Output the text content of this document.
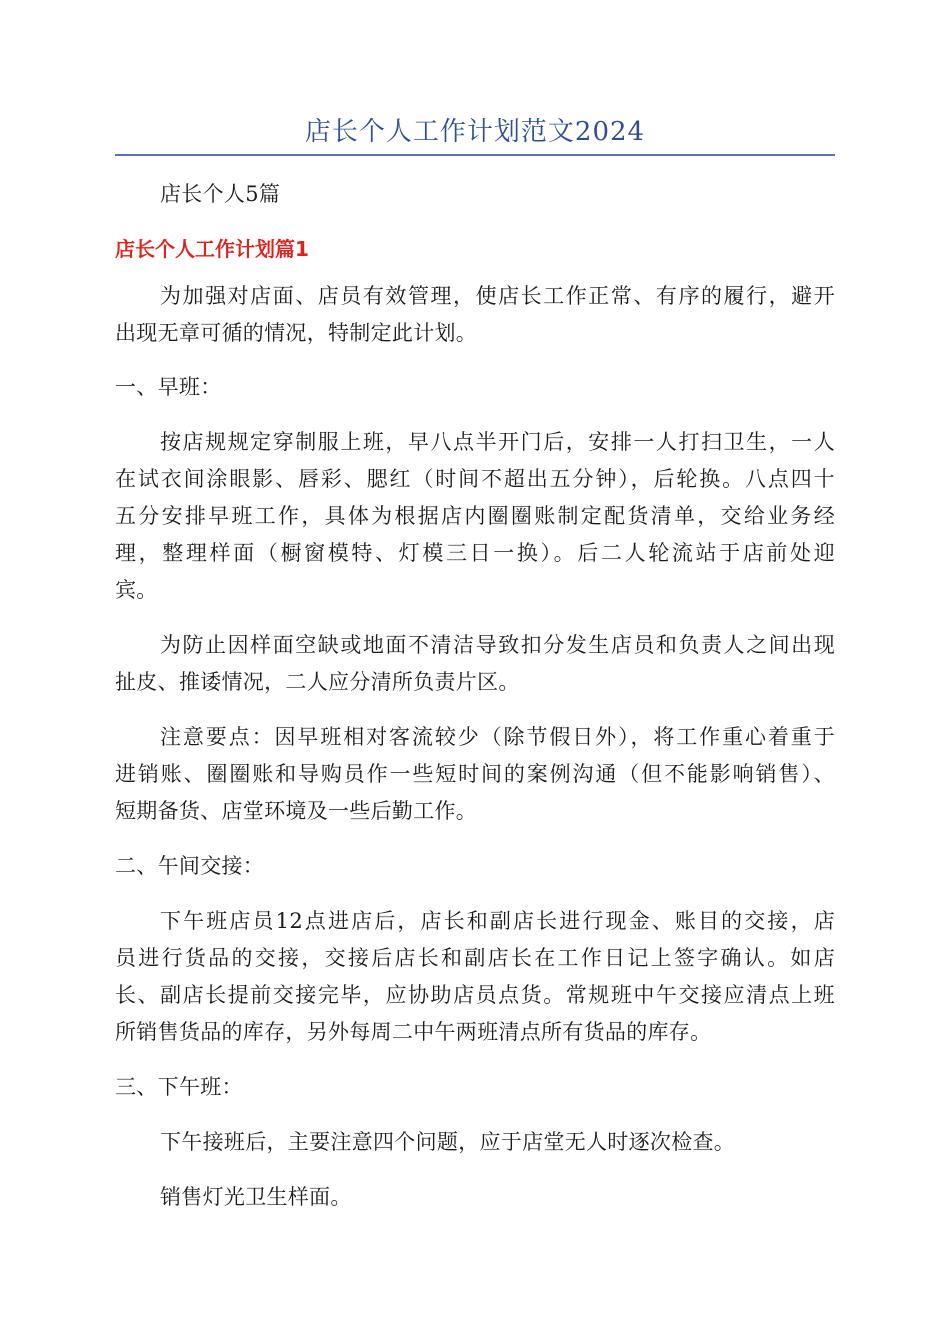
店长个人工作计划范文2024
店长个人5篇
店长个人工作计划篇1
为加强对店面、店员有效管理，使店长工作正常、有序的履行，避开
出现无章可循的情况，特制定此计划。
一、早班：
按店规规定穿制服上班，早八点半开门后，安排一人打扫卫生，一人
在试衣间涂眼影、唇彩、腮红（时间不超出五分钟），后轮换。八点四十
五分安排早班工作，具体为根据店内圈圈账制定配货清单，交给业务经
理，整理样面（橱窗模特、灯模三日一换）。后二人轮流站于店前处迎
宾。
为防止因样面空缺或地面不清洁导致扣分发生店员和负责人之间出现
扯皮、推诿情况，二人应分清所负责片区。
注意要点：因早班相对客流较少（除节假日外），将工作重心着重于
进销账、圈圈账和导购员作一些短时间的案例沟通（但不能影响销售）、
短期备货、店堂环境及一些后勤工作。
二、午间交接：
下午班店员12点进店后，店长和副店长进行现金、账目的交接，店
员进行货品的交接，交接后店长和副店长在工作日记上签字确认。如店
长、副店长提前交接完毕，应协助店员点货。常规班中午交接应清点上班
所销售货品的库存，另外每周二中午两班清点所有货品的库存。
三、下午班：
下午接班后，主要注意四个问题，应于店堂无人时逐次检查。
销售灯光卫生样面。
